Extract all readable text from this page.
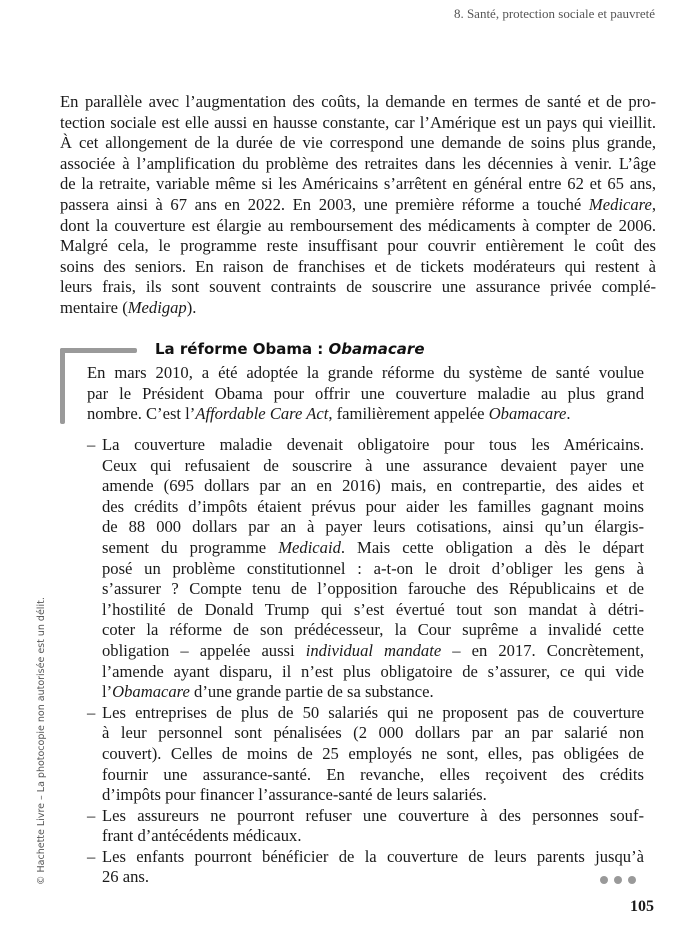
8. Santé, protection sociale et pauvreté
En parallèle avec l’augmentation des coûts, la demande en termes de santé et de pro-
tection sociale est elle aussi en hausse constante, car l’Amérique est un pays qui vieillit.
À cet allongement de la durée de vie correspond une demande de soins plus grande,
associée à l’amplification du problème des retraites dans les décennies à venir. L’âge
de la retraite, variable même si les Américains s’arrêtent en général entre 62 et 65 ans,
passera ainsi à 67 ans en 2022. En 2003, une première réforme a touché Medicare,
dont la couverture est élargie au remboursement des médicaments à compter de 2006.
Malgré cela, le programme reste insuffisant pour couvrir entièrement le coût des
soins des seniors. En raison de franchises et de tickets modérateurs qui restent à
leurs frais, ils sont souvent contraints de souscrire une assurance privée complé-
mentaire (Medigap).
La réforme Obama : Obamacare
En mars 2010, a été adoptée la grande réforme du système de santé voulue
par le Président Obama pour offrir une couverture maladie au plus grand
nombre. C’est l’Affordable Care Act, familièrement appelée Obamacare.
– La couverture maladie devenait obligatoire pour tous les Américains.
Ceux qui refusaient de souscrire à une assurance devaient payer une
amende (695 dollars par an en 2016) mais, en contrepartie, des aides et
des crédits d’impôts étaient prévus pour aider les familles gagnant moins
de 88 000 dollars par an à payer leurs cotisations, ainsi qu’un élargis-
sement du programme Medicaid. Mais cette obligation a dès le départ
posé un problème constitutionnel : a-t-on le droit d’obliger les gens à
s’assurer ? Compte tenu de l’opposition farouche des Républicains et de
l’hostilité de Donald Trump qui s’est évertué tout son mandat à détri-
coter la réforme de son prédécesseur, la Cour suprême a invalidé cette
obligation – appelée aussi individual mandate – en 2017. Concrètement,
l’amende ayant disparu, il n’est plus obligatoire de s’assurer, ce qui vide
l’Obamacare d’une grande partie de sa substance.
– Les entreprises de plus de 50 salariés qui ne proposent pas de couverture
à leur personnel sont pénalisées (2 000 dollars par an par salarié non
couvert). Celles de moins de 25 employés ne sont, elles, pas obligées de
fournir une assurance-santé. En revanche, elles reçoivent des crédits
d’impôts pour financer l’assurance-santé de leurs salariés.
– Les assureurs ne pourront refuser une couverture à des personnes souf-
frant d’antécédents médicaux.
– Les enfants pourront bénéficier de la couverture de leurs parents jusqu’à
26 ans.
© Hachette Livre – La photocopie non autorisée est un délit.
105
